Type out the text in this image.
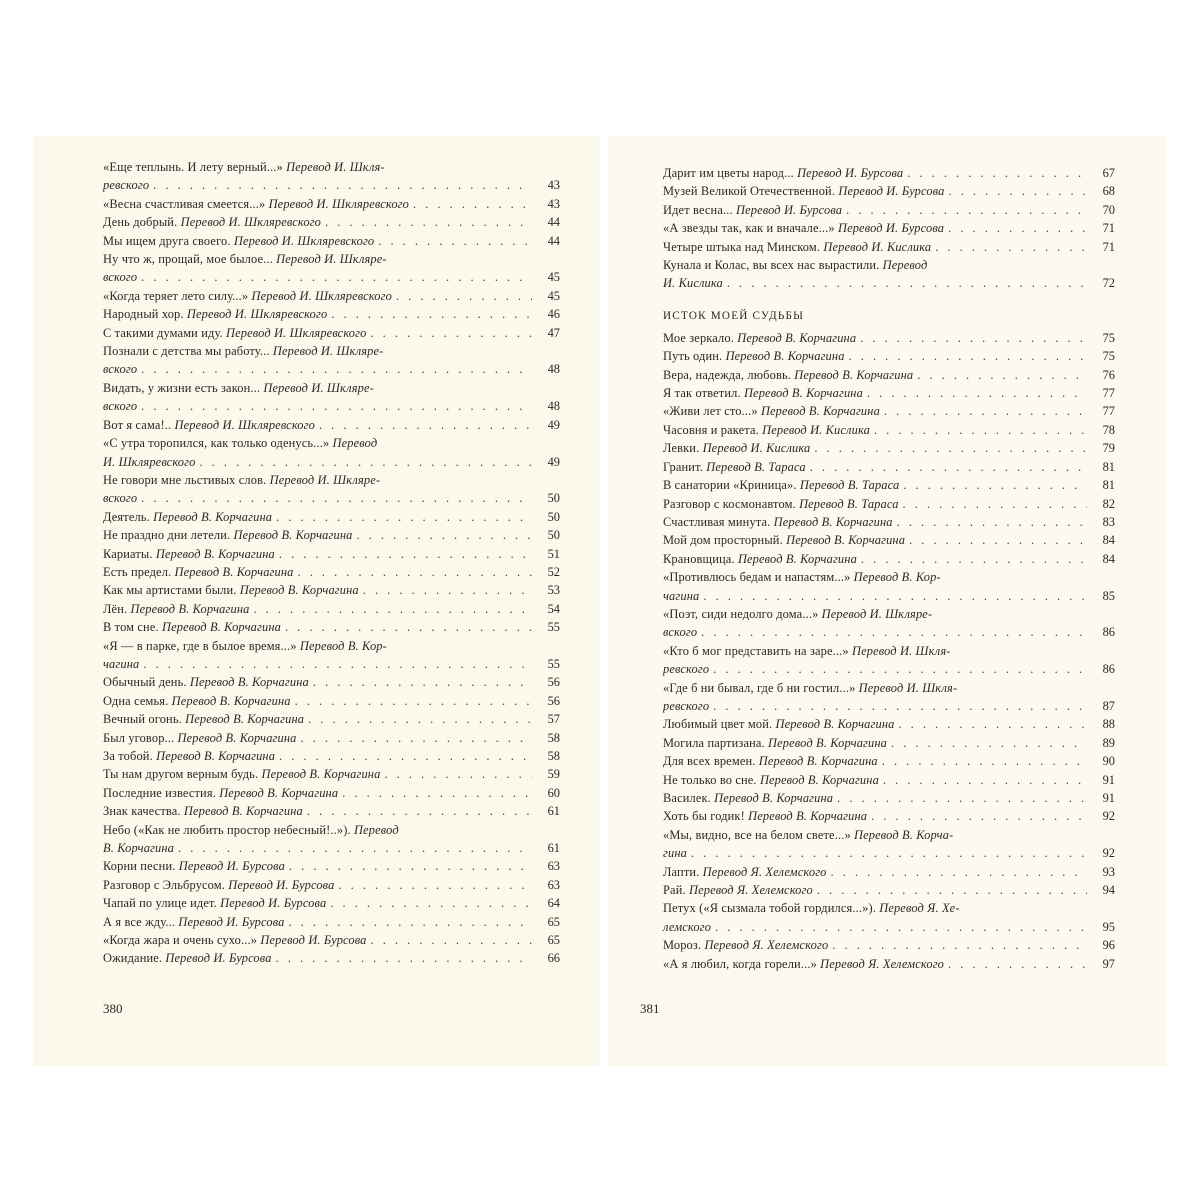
«Еще теплынь. И лету верный...» Перевод И. Шкля-
ревского . . .	43
«Весна счастливая смеется...» Перевод И. Шкляревского . . .	43
День добрый. Перевод И. Шкляревского . . .	44
Мы ищем друга своего. Перевод И. Шкляревского . . .	44
Ну что ж, прощай, мое былое... Перевод И. Шкляре-
вского . . .	45
«Когда теряет лето силу...» Перевод И. Шкляревского . . .	45
Народный хор. Перевод И. Шкляревского . . .	46
С такими думами иду. Перевод И. Шкляревского . . .	47
Познали с детства мы работу... Перевод И. Шкляре-
вского . . .	48
Видать, у жизни есть закон... Перевод И. Шкляре-
вского . . .	48
Вот я сама!.. Перевод И. Шкляревского . . .	49
«С утра торопился, как только оденусь...» Перевод
И. Шкляревского . . .	49
Не говори мне льстивых слов. Перевод И. Шкляре-
вского . . .	50
Деятель. Перевод В. Корчагина . . .	50
Не праздно дни летели. Перевод В. Корчагина . . .	50
Кариаты. Перевод В. Корчагина . . .	51
Есть предел. Перевод В. Корчагина . . .	52
Как мы артистами были. Перевод В. Корчагина . . .	53
Лён. Перевод В. Корчагина . . .	54
В том сне. Перевод В. Корчагина . . .	55
«Я — в парке, где в былое время...» Перевод В. Кор-
чагина . . .	55
Обычный день. Перевод В. Корчагина . . .	56
Одна семья. Перевод В. Корчагина . . .	56
Вечный огонь. Перевод В. Корчагина . . .	57
Был уговор... Перевод В. Корчагина . . .	58
За тобой. Перевод В. Корчагина . . .	58
Ты нам другом верным будь. Перевод В. Корчагина . . .	59
Последние известия. Перевод В. Корчагина . . .	60
Знак качества. Перевод В. Корчагина . . .	61
Небо («Как не любить простор небесный!..»). Перевод
В. Корчагина . . .	61
Корни песни. Перевод И. Бурсова . . .	63
Разговор с Эльбрусом. Перевод И. Бурсова . . .	63
Чапай по улице идет. Перевод И. Бурсова . . .	64
А я все жду... Перевод И. Бурсова . . .	65
«Когда жара и очень сухо...» Перевод И. Бурсова . . .	65
Ожидание. Перевод И. Бурсова . . .	66
Дарит им цветы народ... Перевод И. Бурсова . . .	67
Музей Великой Отечественной. Перевод И. Бурсова . . .	68
Идет весна... Перевод И. Бурсова . . .	70
«А звезды так, как и вначале...» Перевод И. Бурсова . . .	71
Четыре штыка над Минском. Перевод И. Кислика . . .	71
Кунала и Колас, вы всех нас вырастили. Перевод
И. Кислика . . .	72
ИСТОК МОЕЙ СУДЬБЫ
Мое зеркало. Перевод В. Корчагина . . .	75
Путь один. Перевод В. Корчагина . . .	75
Вера, надежда, любовь. Перевод В. Корчагина . . .	76
Я так ответил. Перевод В. Корчагина . . .	77
«Живи лет сто...» Перевод В. Корчагина . . .	77
Часовня и ракета. Перевод И. Кислика . . .	78
Левки. Перевод И. Кислика . . .	79
Гранит. Перевод В. Тараса . . .	81
В санатории «Криница». Перевод В. Тараса . . .	81
Разговор с космонавтом. Перевод В. Тараса . . .	82
Счастливая минута. Перевод В. Корчагина . . .	83
Мой дом просторный. Перевод В. Корчагина . . .	84
Крановщица. Перевод В. Корчагина . . .	84
«Противлюсь бедам и напастям...» Перевод В. Кор-
чагина . . .	85
«Поэт, сиди недолго дома...» Перевод И. Шкляре-
вского . . .	86
«Кто б мог представить на заре...» Перевод И. Шкля-
ревского . . .	86
«Где б ни бывал, где б ни гостил...» Перевод И. Шкля-
ревского . . .	87
Любимый цвет мой. Перевод В. Корчагина . . .	88
Могила партизана. Перевод В. Корчагина . . .	89
Для всех времен. Перевод В. Корчагина . . .	90
Не только во сне. Перевод В. Корчагина . . .	91
Василек. Перевод В. Корчагина . . .	91
Хоть бы годик! Перевод В. Корчагина . . .	92
«Мы, видно, все на белом свете...» Перевод В. Корча-
гина . . .	92
Лапти. Перевод Я. Хелемского . . .	93
Рай. Перевод Я. Хелемского . . .	94
Петух («Я сызмала тобой гордился...»). Перевод Я. Хе-
лемского . . .	95
Мороз. Перевод Я. Хелемского . . .	96
«А я любил, когда горели...» Перевод Я. Хелемского . . .	97
380	381
